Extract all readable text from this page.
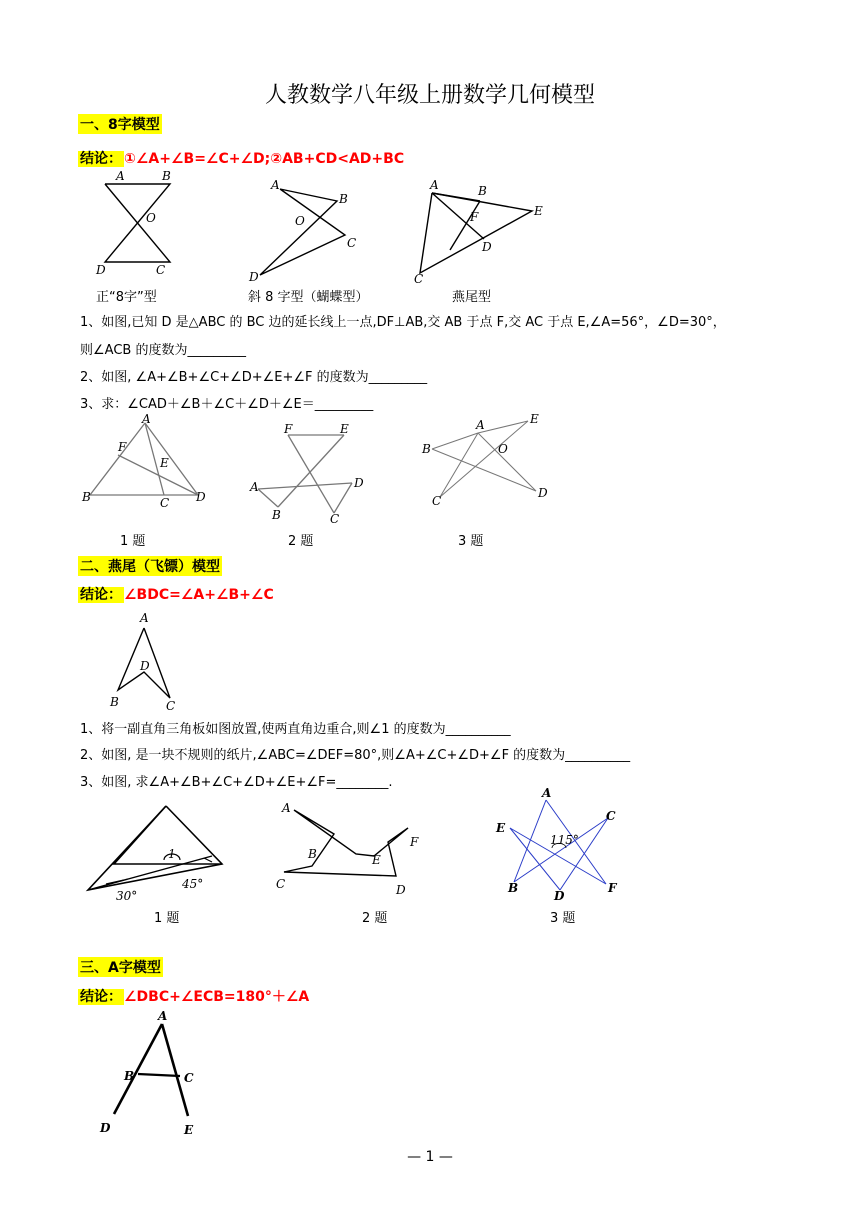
人教数学八年级上册数学几何模型
一、8字模型
结论： ①∠A+∠B=∠C+∠D;②AB+CD<AD+BC
A	B
O
D	C
正“8字”型
A
B
O
C
D
斜 8 字型（蝴蝶型）
A	B
E
F
D
C
燕尾型
1、如图,已知 D 是△ABC 的 BC 边的延长线上一点,DF⊥AB,交 AB 于点 F,交 AC 于点 E,∠A=56°，∠D=30°，
则∠ACB 的度数为_________
2、如图, ∠A+∠B+∠C+∠D+∠E+∠F 的度数为_________
3、求：∠CAD＋∠B＋∠C＋∠D＋∠E＝_________
A
F
E
B	C D
F	E
A	D
B	C
A	E
B	O
C
D
1 题	2 题	3 题
二、燕尾（飞镖）模型
结论： ∠BDC=∠A+∠B+∠C
A
D
B	C
1、将一副直角三角板如图放置,使两直角边重合,则∠1 的度数为__________
2、如图, 是一块不规则的纸片,∠ABC=∠DEF=80°,则∠A+∠C+∠D+∠F 的度数为__________
3、如图, 求∠A+∠B+∠C+∠D+∠E+∠F=________.
1
30°
45°
A
B
C	D
E
F	115°
A
E
C
B
D
F
1 题	2 题	3 题
三、A字模型
结论： ∠DBC+∠ECB=180°＋∠A
A
B	C
D	E
— 1 —
